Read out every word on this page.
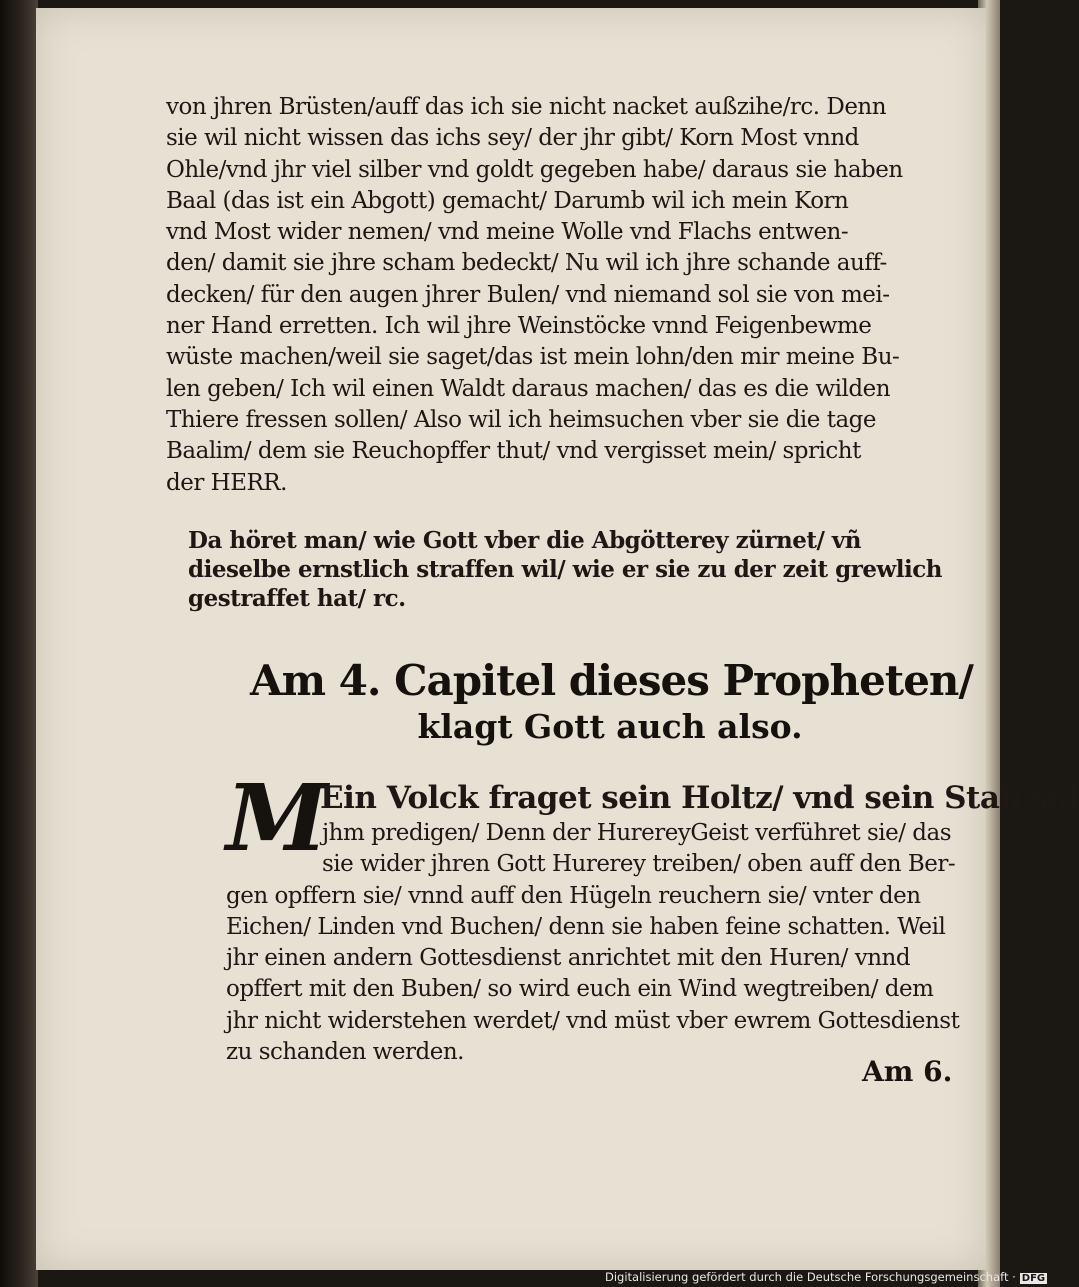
von jhren Brüsten/auff das ich sie nicht nacket außzihe/rc. Denn
sie wil nicht wissen das ichs sey/ der jhr gibt/ Korn Most vnnd
Ohle/vnd jhr viel silber vnd goldt gegeben habe/ daraus sie haben
Baal (das ist ein Abgott) gemacht/ Darumb wil ich mein Korn
vnd Most wider nemen/ vnd meine Wolle vnd Flachs entwen-
den/ damit sie jhre scham bedeckt/ Nu wil ich jhre schande auff-
decken/ für den augen jhrer Bulen/ vnd niemand sol sie von mei-
ner Hand erretten. Ich wil jhre Weinstöcke vnnd Feigenbewme
wüste machen/weil sie saget/das ist mein lohn/den mir meine Bu-
len geben/ Ich wil einen Waldt daraus machen/ das es die wilden
Thiere fressen sollen/ Also wil ich heimsuchen vber sie die tage
Baalim/ dem sie Reuchopffer thut/ vnd vergisset mein/ spricht
der HERR.
Da höret man/ wie Gott vber die Abgötterey zürnet/ vñ
dieselbe ernstlich straffen wil/ wie er sie zu der zeit grewlich
gestraffet hat/ rc.
Am 4. Capitel dieses Propheten/
klagt Gott auch also.
M
Ein Volck fraget sein Holtz/ vnd sein Stab sol
jhm predigen/ Denn der HurereyGeist verführet sie/ das
sie wider jhren Gott Hurerey treiben/ oben auff den Ber-
gen opffern sie/ vnnd auff den Hügeln reuchern sie/ vnter den
Eichen/ Linden vnd Buchen/ denn sie haben feine schatten. Weil
jhr einen andern Gottesdienst anrichtet mit den Huren/ vnnd
opffert mit den Buben/ so wird euch ein Wind wegtreiben/ dem
jhr nicht widerstehen werdet/ vnd müst vber ewrem Gottesdienst
zu schanden werden.
Am 6.
Digitalisierung gefördert durch die Deutsche Forschungsgemeinschaft · DFG
